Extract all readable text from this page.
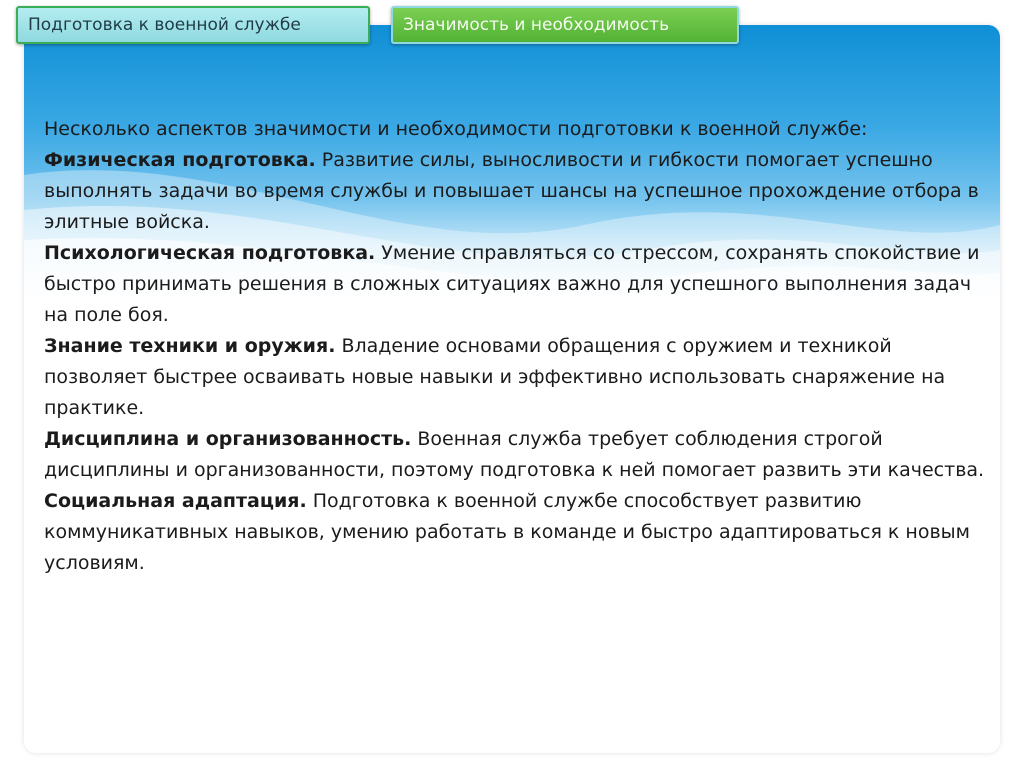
Подготовка к военной службе	Значимость и необходимость

Несколько аспектов значимости и необходимости подготовки к военной службе:

Физическая подготовка. Развитие силы, выносливости и гибкости помогает успешно выполнять задачи во время службы и повышает шансы на успешное прохождение отбора в элитные войска.

Психологическая подготовка. Умение справляться со стрессом, сохранять спокойствие и быстро принимать решения в сложных ситуациях важно для успешного выполнения задач на поле боя.

Знание техники и оружия. Владение основами обращения с оружием и техникой позволяет быстрее осваивать новые навыки и эффективно использовать снаряжение на практике.

Дисциплина и организованность. Военная служба требует соблюдения строгой дисциплины и организованности, поэтому подготовка к ней помогает развить эти качества.

Социальная адаптация. Подготовка к военной службе способствует развитию коммуникативных навыков, умению работать в команде и быстро адаптироваться к новым условиям.
